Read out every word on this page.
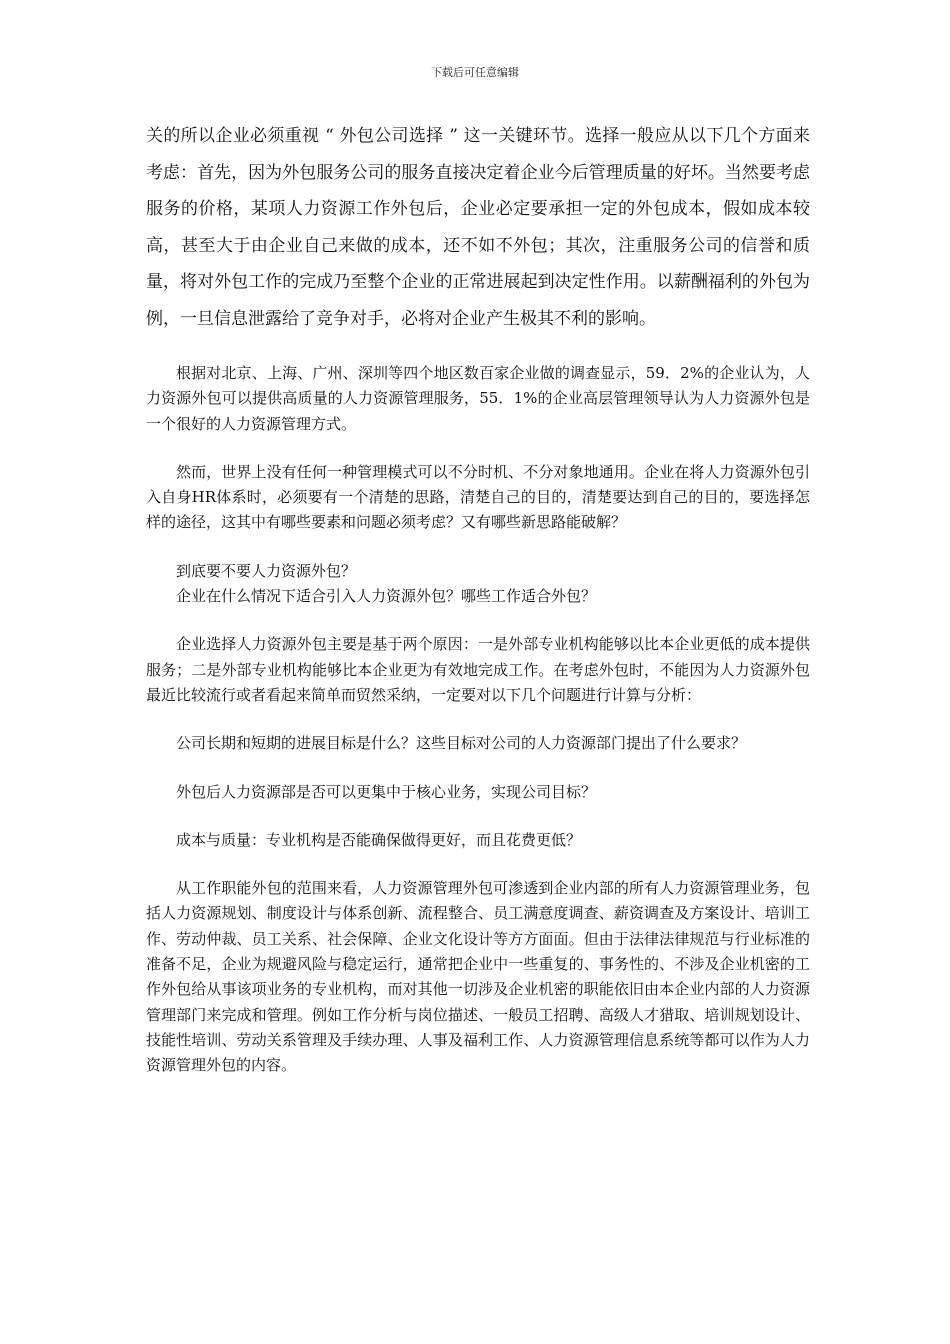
下载后可任意编辑

关的所以企业必须重视 “ 外包公司选择 ” 这一关键环节。选择一般应从以下几个方面来考虑：首先，因为外包服务公司的服务直接决定着企业今后管理质量的好坏。当然要考虑服务的价格，某项人力资源工作外包后，企业必定要承担一定的外包成本，假如成本较高，甚至大于由企业自己来做的成本，还不如不外包；其次，注重服务公司的信誉和质量，将对外包工作的完成乃至整个企业的正常进展起到决定性作用。以薪酬福利的外包为例，一旦信息泄露给了竞争对手，必将对企业产生极其不利的影响。

根据对北京、上海、广州、深圳等四个地区数百家企业做的调查显示，59．2%的企业认为，人力资源外包可以提供高质量的人力资源管理服务，55．1%的企业高层管理领导认为人力资源外包是一个很好的人力资源管理方式。

然而，世界上没有任何一种管理模式可以不分时机、不分对象地通用。企业在将人力资源外包引入自身HR体系时，必须要有一个清楚的思路，清楚自己的目的，清楚要达到自己的目的，要选择怎样的途径，这其中有哪些要素和问题必须考虑？又有哪些新思路能破解？

到底要不要人力资源外包？

企业在什么情况下适合引入人力资源外包？哪些工作适合外包？

企业选择人力资源外包主要是基于两个原因：一是外部专业机构能够以比本企业更低的成本提供服务；二是外部专业机构能够比本企业更为有效地完成工作。在考虑外包时，不能因为人力资源外包最近比较流行或者看起来简单而贸然采纳，一定要对以下几个问题进行计算与分析：

公司长期和短期的进展目标是什么？这些目标对公司的人力资源部门提出了什么要求？

外包后人力资源部是否可以更集中于核心业务，实现公司目标？

成本与质量：专业机构是否能确保做得更好，而且花费更低？

从工作职能外包的范围来看，人力资源管理外包可渗透到企业内部的所有人力资源管理业务，包括人力资源规划、制度设计与体系创新、流程整合、员工满意度调查、薪资调查及方案设计、培训工作、劳动仲裁、员工关系、社会保障、企业文化设计等方方面面。但由于法律法律规范与行业标准的准备不足，企业为规避风险与稳定运行，通常把企业中一些重复的、事务性的、不涉及企业机密的工作外包给从事该项业务的专业机构，而对其他一切涉及企业机密的职能依旧由本企业内部的人力资源管理部门来完成和管理。例如工作分析与岗位描述、一般员工招聘、高级人才猎取、培训规划设计、技能性培训、劳动关系管理及手续办理、人事及福利工作、人力资源管理信息系统等都可以作为人力资源管理外包的内容。
